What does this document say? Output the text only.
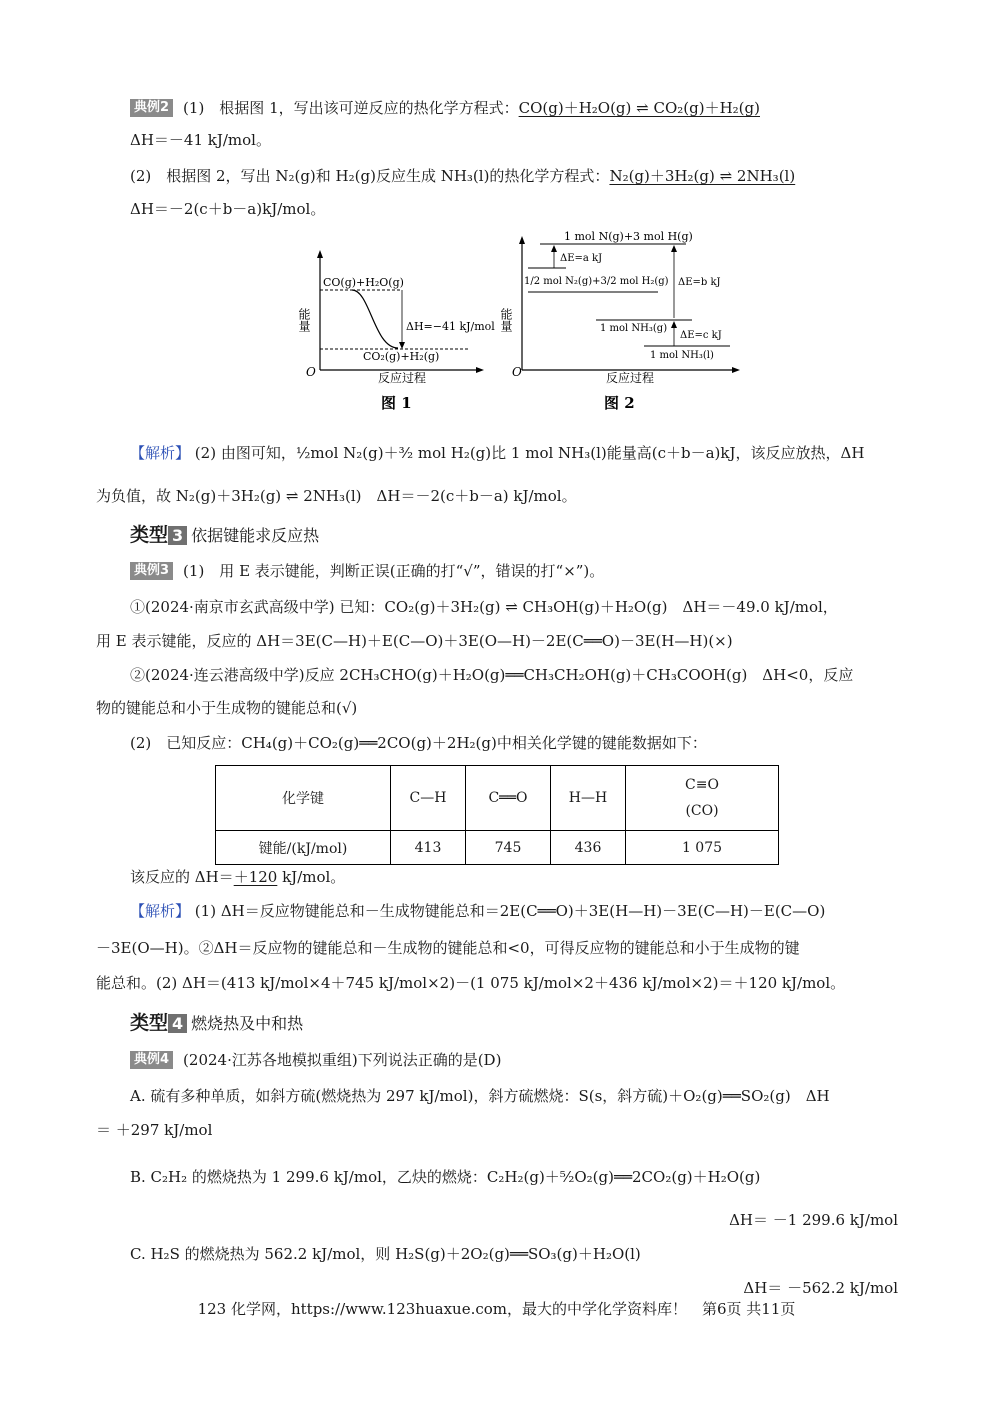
典例2 (1)　根据图 1，写出该可逆反应的热化学方程式：CO(g)＋H₂O(g) ⇌ CO₂(g)＋H₂(g)
ΔH＝－41 kJ/mol。
(2)　根据图 2，写出 N₂(g)和 H₂(g)反应生成 NH₃(l)的热化学方程式：N₂(g)＋3H₂(g) ⇌ 2NH₃(l)
ΔH＝－2(c＋b－a)kJ/mol。
能量
O	反应过程
CO(g)+H₂O(g)
CO₂(g)+H₂(g)
ΔH=−41 kJ/mol
图 1
能量
O	反应过程
1 mol N(g)+3 mol H(g)
ΔE=a kJ
1/2 mol N₂(g)+3/2 mol H₂(g) ΔE=b kJ
1 mol NH₃(g)
ΔE=c kJ
1 mol NH₃(l)
图 2
【解析】 (2) 由图可知，½mol N₂(g)＋³⁄₂ mol H₂(g)比 1 mol NH₃(l)能量高(c＋b－a)kJ，该反应放热，ΔH
为负值，故 N₂(g)＋3H₂(g) ⇌ 2NH₃(l)　ΔH＝－2(c＋b－a) kJ/mol。
类型 3 依据键能求反应热
典例3 (1)　用 E 表示键能，判断正误(正确的打“√”，错误的打“×”)。
①(2024·南京市玄武高级中学) 已知：CO₂(g)＋3H₂(g) ⇌ CH₃OH(g)＋H₂O(g)　ΔH＝－49.0 kJ/mol，
用 E 表示键能，反应的 ΔH＝3E(C—H)＋E(C—O)＋3E(O—H)－2E(C══O)－3E(H—H)(×)
②(2024·连云港高级中学)反应 2CH₃CHO(g)＋H₂O(g)══CH₃CH₂OH(g)＋CH₃COOH(g)　ΔH<0，反应
物的键能总和小于生成物的键能总和(√)
(2)　已知反应：CH₄(g)＋CO₂(g)══2CO(g)＋2H₂(g)中相关化学键的键能数据如下：
化学键	C—H	C══O	H—H	C≡O
(CO)

键能/(kJ/mol)	413	745	436	1 075
该反应的 ΔH＝＋120 kJ/mol。
【解析】 (1) ΔH＝反应物键能总和－生成物键能总和＝2E(C══O)＋3E(H—H)－3E(C—H)－E(C—O)
－3E(O—H)。②ΔH＝反应物的键能总和－生成物的键能总和<0，可得反应物的键能总和小于生成物的键
能总和。(2) ΔH＝(413 kJ/mol×4＋745 kJ/mol×2)－(1 075 kJ/mol×2＋436 kJ/mol×2)＝＋120 kJ/mol。
类型 4 燃烧热及中和热
典例4 (2024·江苏各地模拟重组)下列说法正确的是(D)
A. 硫有多种单质，如斜方硫(燃烧热为 297 kJ/mol)，斜方硫燃烧：S(s，斜方硫)＋O₂(g)══SO₂(g)　ΔH
＝ ＋297 kJ/mol
B. C₂H₂ 的燃烧热为 1 299.6 kJ/mol，乙炔的燃烧：C₂H₂(g)＋⁵⁄₂O₂(g)══2CO₂(g)＋H₂O(g)
ΔH＝ －1 299.6 kJ/mol
C. H₂S 的燃烧热为 562.2 kJ/mol，则 H₂S(g)＋2O₂(g)══SO₃(g)＋H₂O(l)
ΔH＝ －562.2 kJ/mol
123 化学网，https://www.123huaxue.com，最大的中学化学资料库！　第6页 共11页
